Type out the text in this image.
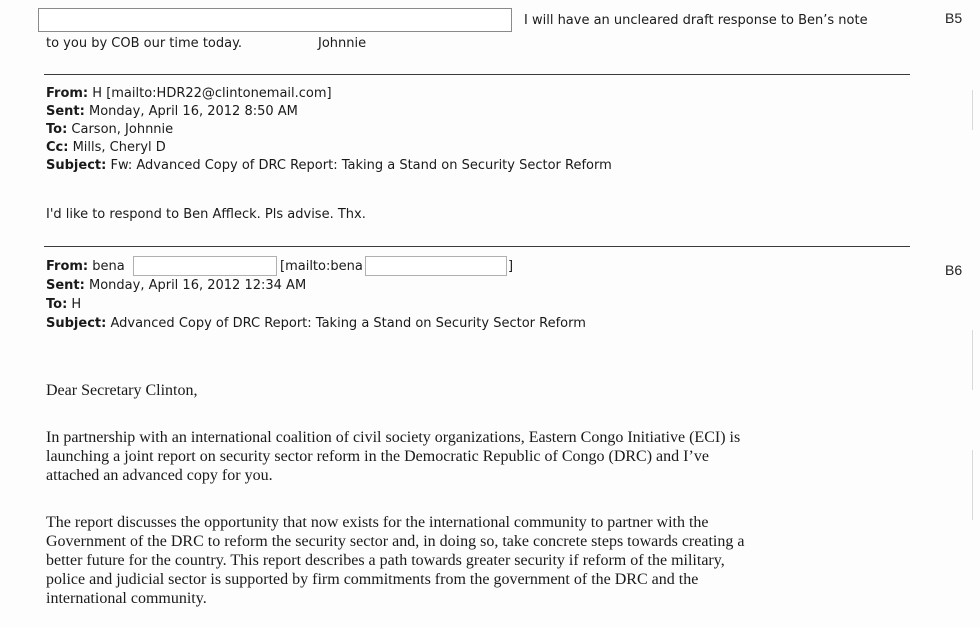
I will have an uncleared draft response to Ben’s note	B5
to you by COB our time today.	Johnnie
From: H [mailto:HDR22@clintonemail.com]
Sent: Monday, April 16, 2012 8:50 AM
To: Carson, Johnnie
Cc: Mills, Cheryl D
Subject: Fw: Advanced Copy of DRC Report: Taking a Stand on Security Sector Reform
I'd like to respond to Ben Affleck. Pls advise. Thx.
From: bena	[mailto:bena	]	B6
Sent: Monday, April 16, 2012 12:34 AM
To: H
Subject: Advanced Copy of DRC Report: Taking a Stand on Security Sector Reform
Dear Secretary Clinton,
In partnership with an international coalition of civil society organizations, Eastern Congo Initiative (ECI) is
launching a joint report on security sector reform in the Democratic Republic of Congo (DRC) and I’ve
attached an advanced copy for you.
The report discusses the opportunity that now exists for the international community to partner with the
Government of the DRC to reform the security sector and, in doing so, take concrete steps towards creating a
better future for the country. This report describes a path towards greater security if reform of the military,
police and judicial sector is supported by firm commitments from the government of the DRC and the
international community.
